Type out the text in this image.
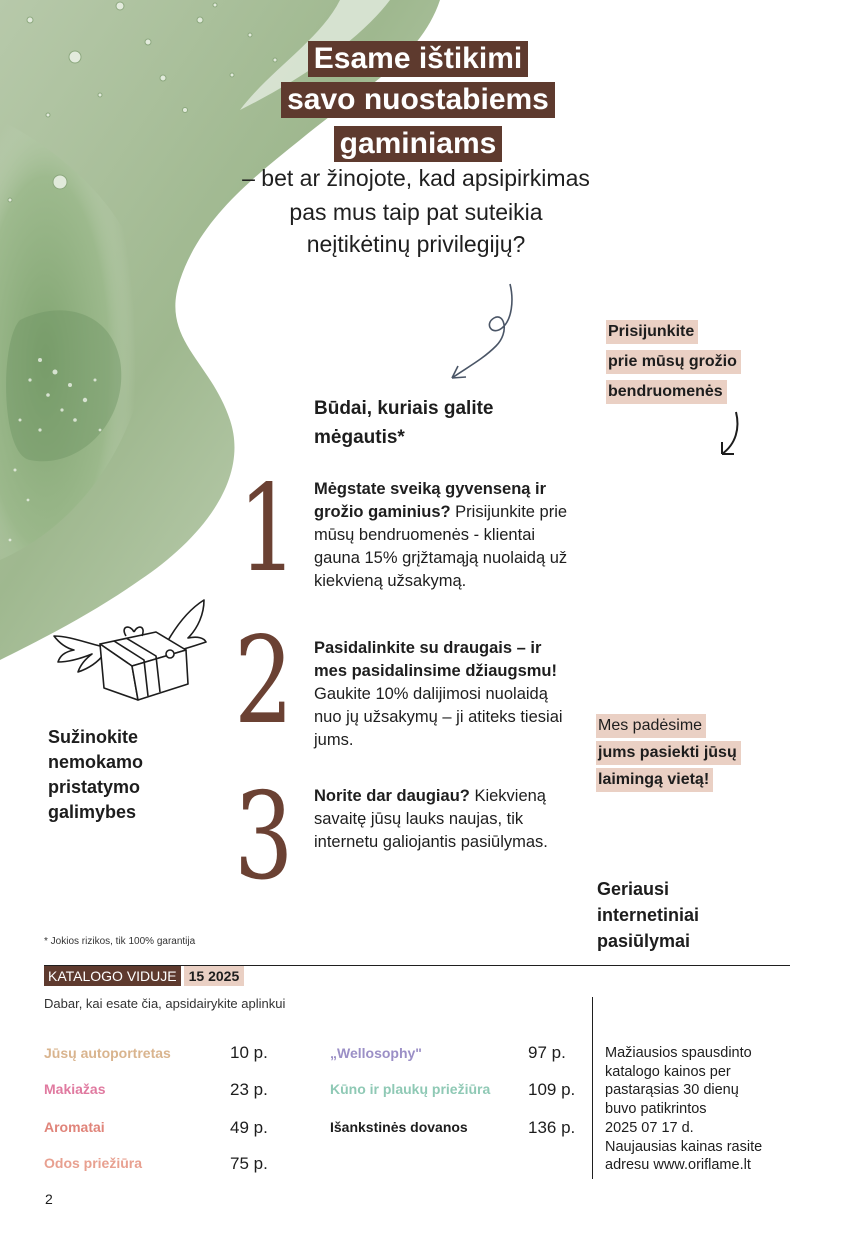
Esame ištikimi
savo nuostabiems
gaminiams
– bet ar žinojote, kad apsipirkimas
pas mus taip pat suteikia
neįtikėtinų privilegijų?
Būdai, kuriais galite
mėgautis*
Prisijunkite
prie mūsų grožio
bendruomenės
1 Mėgstate sveiką gyvenseną ir grožio gaminius? Prisijunkite prie mūsų bendruomenės - klientai gauna 15% grįžtamąją nuolaidą už kiekvieną užsakymą.
2 Pasidalinkite su draugais – ir mes pasidalinsime džiaugsmu! Gaukite 10% dalijimosi nuolaidą nuo jų užsakymų – ji atiteks tiesiai jums.
3 Norite dar daugiau? Kiekvieną savaitę jūsų lauks naujas, tik internetu galiojantis pasiūlymas.
Sužinokite
nemokamo
pristatymo
galimybes
Mes padėsime
jums pasiekti jūsų
laimingą vietą!
Geriausi
internetiniai
pasiūlymai
* Jokios rizikos, tik 100% garantija
KATALOGO VIDUJE 15 2025
Dabar, kai esate čia, apsidairykite aplinkui
Jūsų autoportretas	10 p.
Makiažas	23 p.
Aromatai	49 p.
Odos priežiūra	75 p.
„Wellosophy"	97 p.
Kūno ir plaukų priežiūra 109 p.
Išankstinės dovanos	136 p.
Mažiausios spausdinto
katalogo kainos per
pastarąsias 30 dienų
buvo patikrintos
2025 07 17 d.
Naujausias kainas rasite
adresu www.oriflame.lt
2
